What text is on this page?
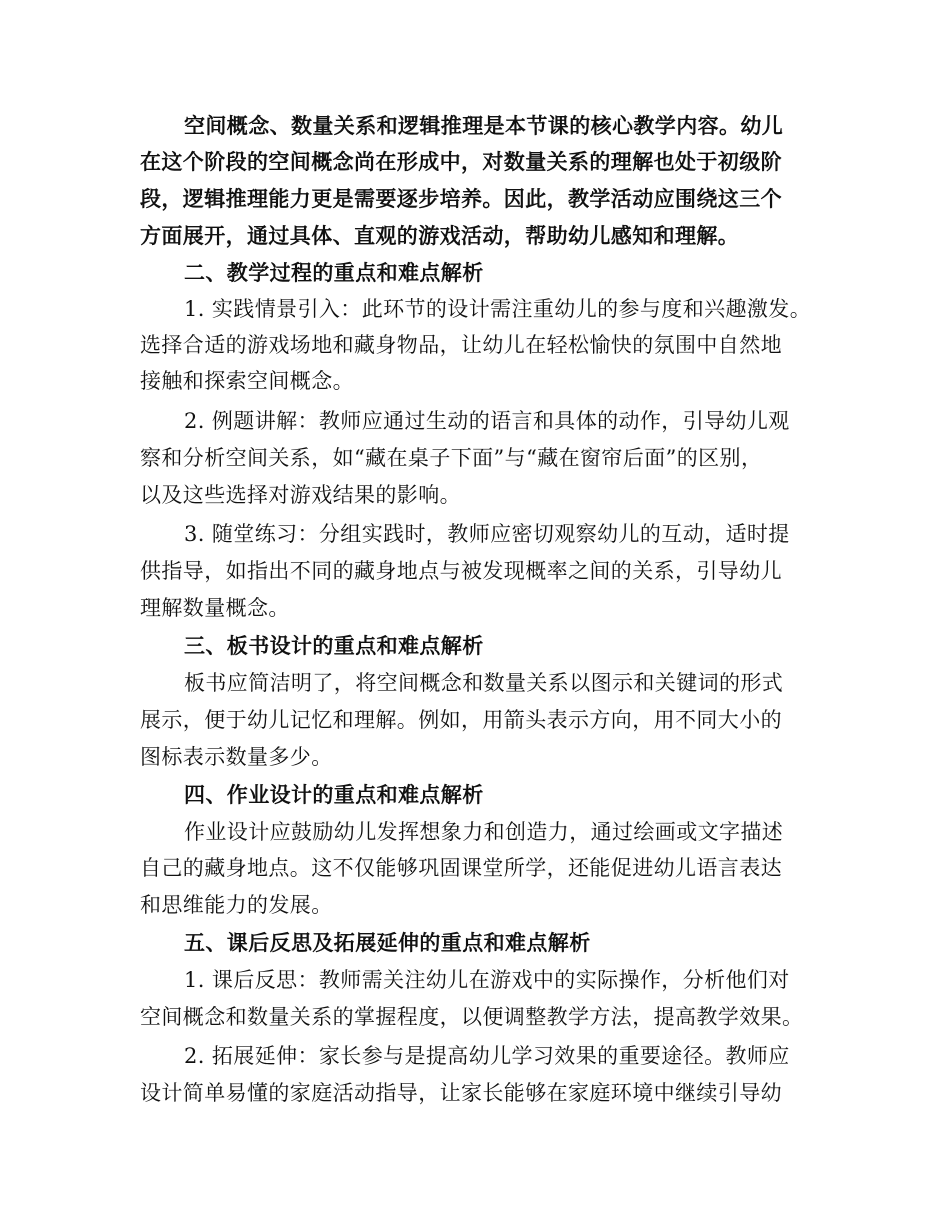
空间概念、数量关系和逻辑推理是本节课的核心教学内容。幼儿

在这个阶段的空间概念尚在形成中，对数量关系的理解也处于初级阶

段，逻辑推理能力更是需要逐步培养。因此，教学活动应围绕这三个

方面展开，通过具体、直观的游戏活动，帮助幼儿感知和理解。

二、教学过程的重点和难点解析

1. 实践情景引入：此环节的设计需注重幼儿的参与度和兴趣激发。

选择合适的游戏场地和藏身物品，让幼儿在轻松愉快的氛围中自然地

接触和探索空间概念。

2. 例题讲解：教师应通过生动的语言和具体的动作，引导幼儿观

察和分析空间关系，如“藏在桌子下面”与“藏在窗帘后面”的区别，

以及这些选择对游戏结果的影响。

3. 随堂练习：分组实践时，教师应密切观察幼儿的互动，适时提

供指导，如指出不同的藏身地点与被发现概率之间的关系，引导幼儿

理解数量概念。

三、板书设计的重点和难点解析

板书应简洁明了，将空间概念和数量关系以图示和关键词的形式

展示，便于幼儿记忆和理解。例如，用箭头表示方向，用不同大小的

图标表示数量多少。

四、作业设计的重点和难点解析

作业设计应鼓励幼儿发挥想象力和创造力，通过绘画或文字描述

自己的藏身地点。这不仅能够巩固课堂所学，还能促进幼儿语言表达

和思维能力的发展。

五、课后反思及拓展延伸的重点和难点解析

1. 课后反思：教师需关注幼儿在游戏中的实际操作，分析他们对

空间概念和数量关系的掌握程度，以便调整教学方法，提高教学效果。

2. 拓展延伸：家长参与是提高幼儿学习效果的重要途径。教师应

设计简单易懂的家庭活动指导，让家长能够在家庭环境中继续引导幼
